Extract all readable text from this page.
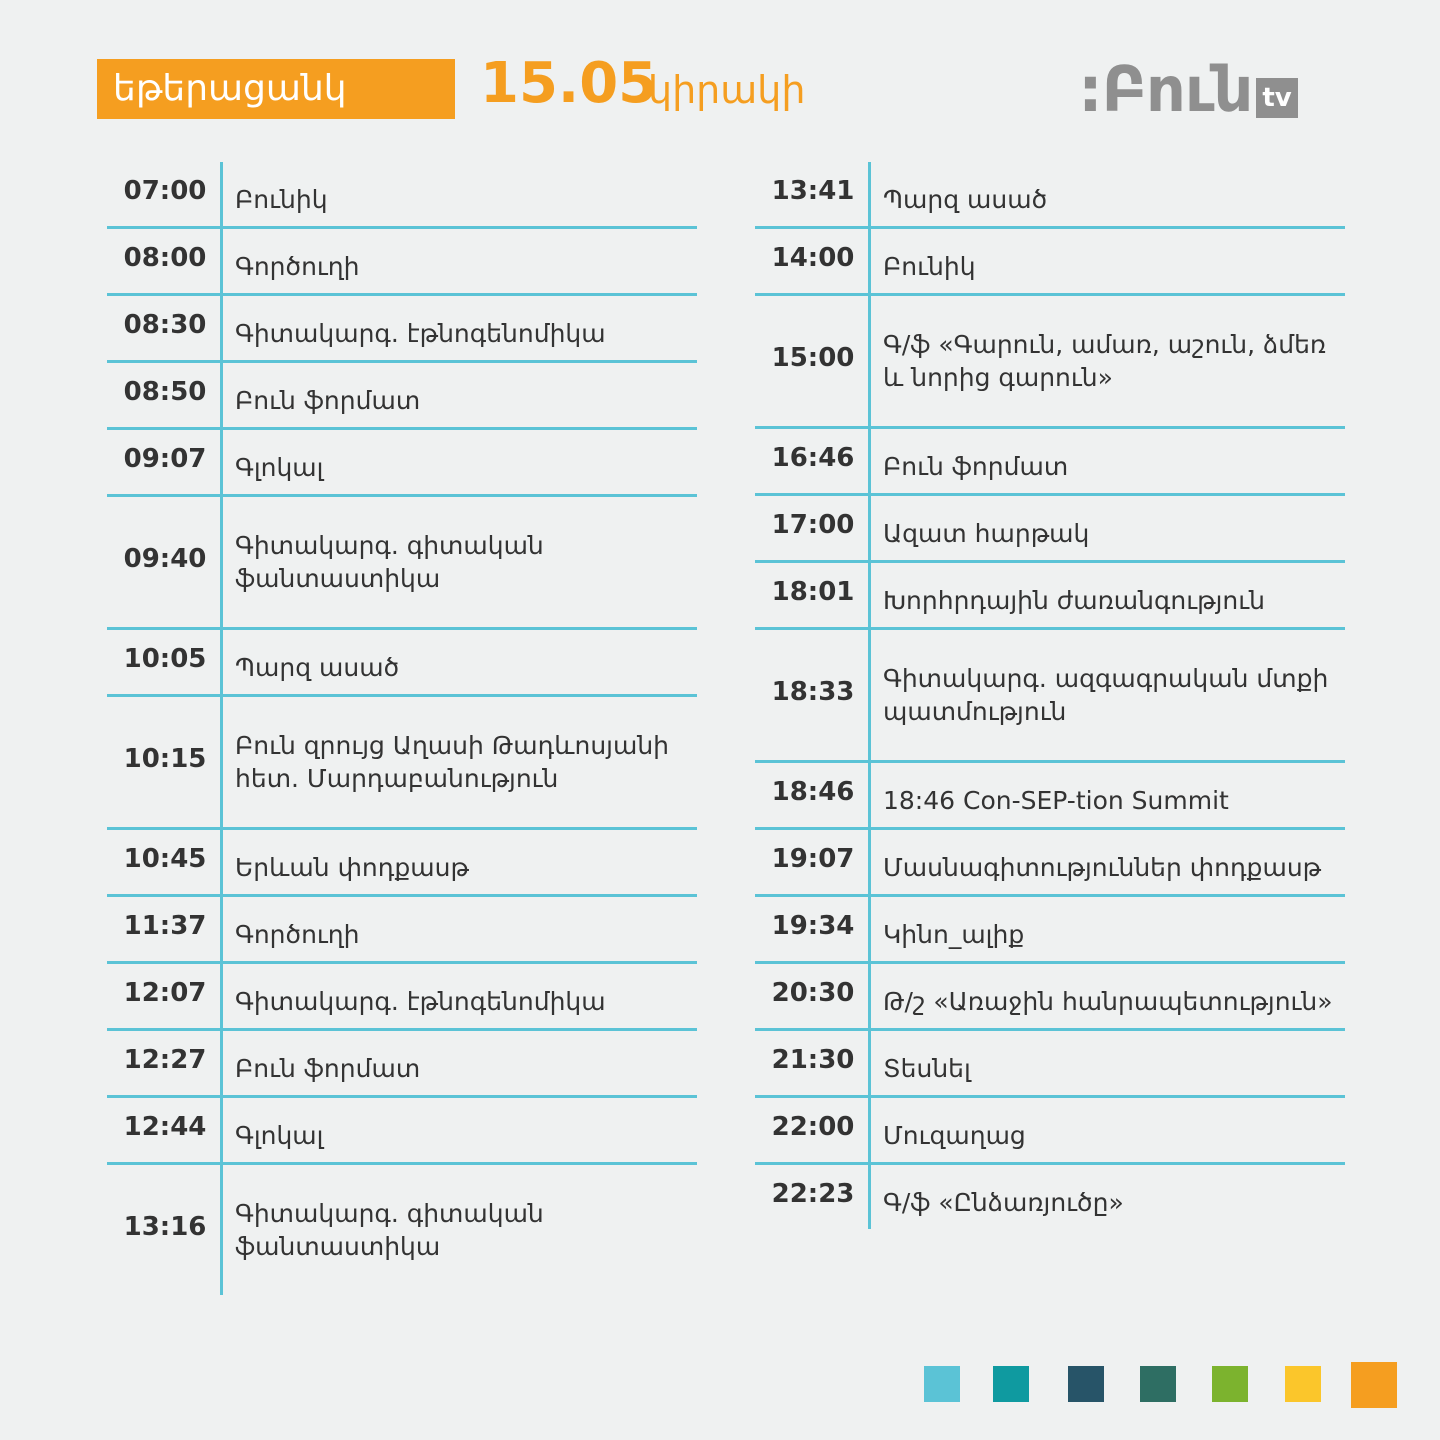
եթերացանկ	15.05
կիրակի	:Բուն tv
07:00	Բունիկ
08:00	Գործուղի
08:30	Գիտակարգ. էթնոգենոմիկա
08:50	Բուն ֆորմատ
09:07	Գլոկալ
09:40	Գիտակարգ. գիտական ֆանտաստիկա
10:05	Պարզ ասած
10:15	Բուն զրույց Աղասի Թադևոսյանի հետ. Մարդաբանություն
10:45	Երևան փոդքասթ
11:37	Գործուղի
12:07	Գիտակարգ. էթնոգենոմիկա
12:27	Բուն ֆորմատ
12:44	Գլոկալ
13:16	Գիտակարգ. գիտական ֆանտաստիկա
13:41	Պարզ ասած
14:00	Բունիկ
15:00	Գ/ֆ «Գարուն, ամառ, աշուն, ձմեռ և նորից գարուն»
16:46	Բուն ֆորմատ
17:00	Ազատ հարթակ
18:01	Խորհրդային ժառանգություն
18:33	Գիտակարգ. ազգագրական մտքի պատմություն
18:46	18:46 Con-SEP-tion Summit
19:07	Մասնագիտություններ փոդքասթ
19:34	Կինո_ալիք
20:30	Թ/շ «Առաջին հանրապետություն»
21:30	Տեսնել
22:00	Մուզաղաց
22:23	Գ/ֆ «Ընձառյուծը»
